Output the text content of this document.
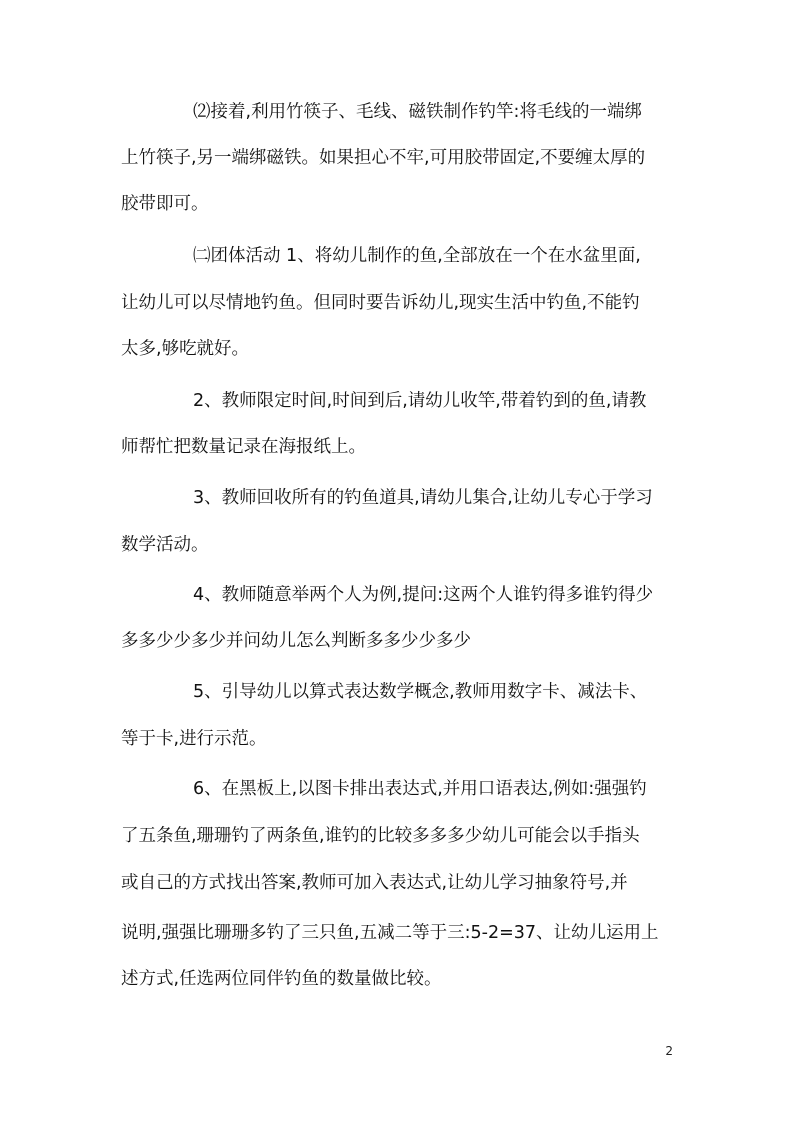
⑵接着,利用竹筷子、毛线、磁铁制作钓竿:将毛线的一端绑
上竹筷子,另一端绑磁铁。如果担心不牢,可用胶带固定,不要缠太厚的
胶带即可。
㈡团体活动 1、将幼儿制作的鱼,全部放在一个在水盆里面,
让幼儿可以尽情地钓鱼。但同时要告诉幼儿,现实生活中钓鱼,不能钓
太多,够吃就好。
2、教师限定时间,时间到后,请幼儿收竿,带着钓到的鱼,请教
师帮忙把数量记录在海报纸上。
3、教师回收所有的钓鱼道具,请幼儿集合,让幼儿专心于学习
数学活动。
4、教师随意举两个人为例,提问:这两个人谁钓得多谁钓得少
多多少少多少并问幼儿怎么判断多多少少多少
5、引导幼儿以算式表达数学概念,教师用数字卡、减法卡、
等于卡,进行示范。
6、在黑板上,以图卡排出表达式,并用口语表达,例如:强强钓
了五条鱼,珊珊钓了两条鱼,谁钓的比较多多多少幼儿可能会以手指头
或自己的方式找出答案,教师可加入表达式,让幼儿学习抽象符号,并
说明,强强比珊珊多钓了三只鱼,五减二等于三:5-2=37、让幼儿运用上
述方式,任选两位同伴钓鱼的数量做比较。
2
